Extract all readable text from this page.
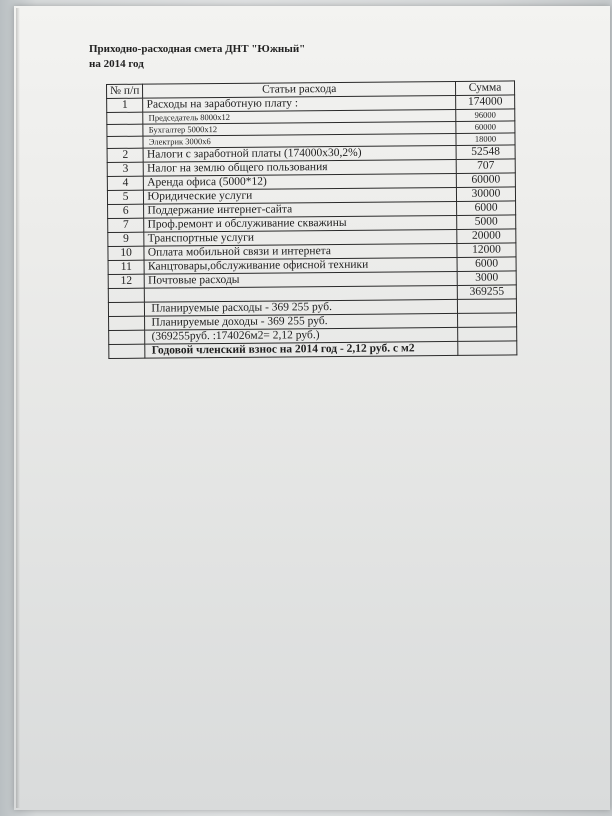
Приходно-расходная смета ДНТ "Южный"
на 2014 год
№ п/п	Статьи расхода	Сумма
1	Расходы на заработную плату :	174000
	Председатель 8000х12	96000
	Бухгалтер 5000х12	60000
	Электрик 3000х6	18000
2	Налоги с заработной платы (174000х30,2%)	52548
3	Налог на землю общего пользования	707
4	Аренда офиса (5000*12)	60000
5	Юридические услуги	30000
6	Поддержание интернет-сайта	6000
7	Проф.ремонт и обслуживание скважины	5000
9	Транспортные услуги	20000
10	Оплата мобильной связи и интернета	12000
11	Канцтовары,обслуживание офисной техники	6000
12	Почтовые расходы	3000
		369255
	Планируемые расходы - 369 255 руб.	
	Планируемые доходы - 369 255 руб.	
	(369255руб. :174026м2= 2,12 руб.)	
	Годовой членский взнос на 2014 год - 2,12 руб. с м2	
